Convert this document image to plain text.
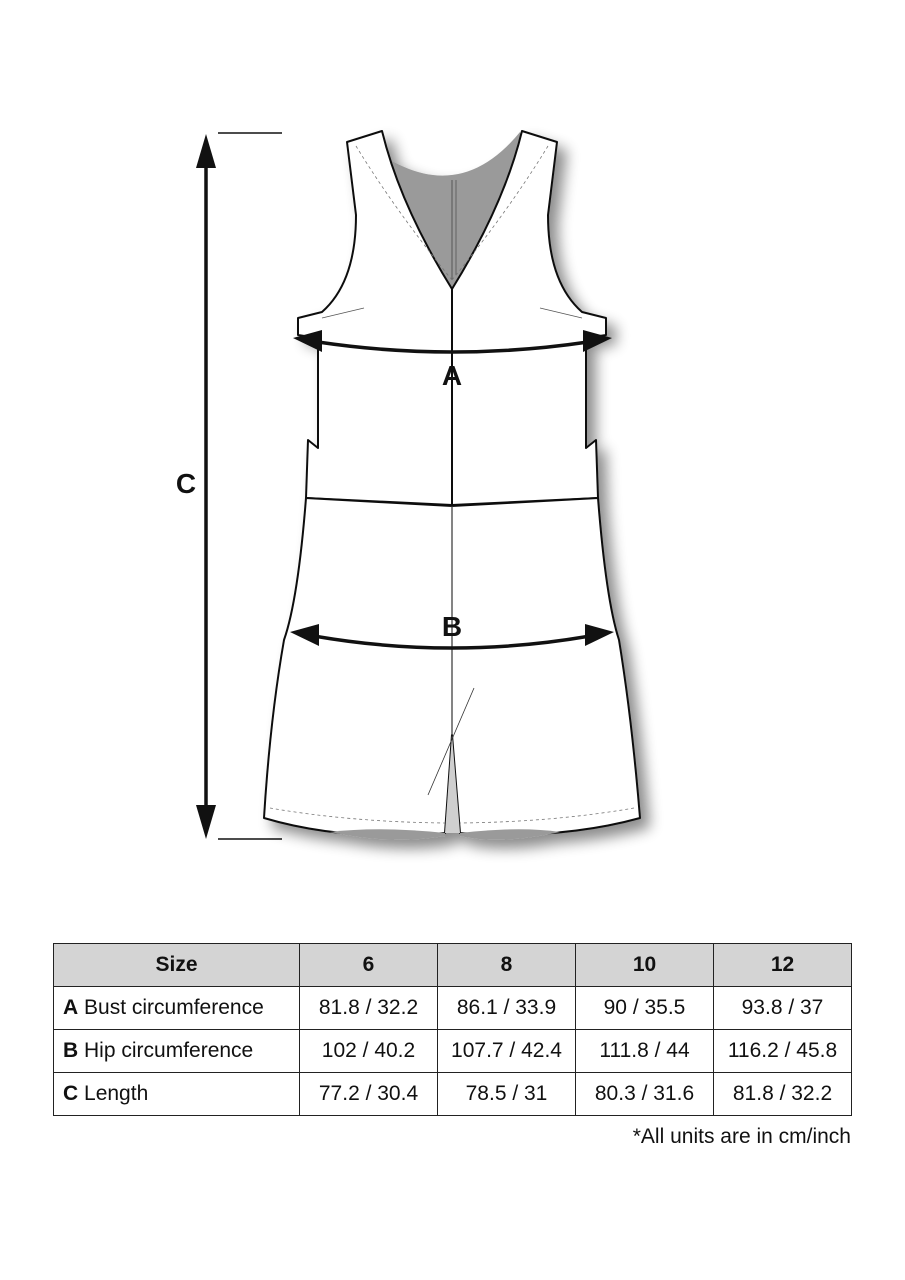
C
A
B
Size	6	8	10	12
A Bust circumference	81.8 / 32.2	86.1 / 33.9	90 / 35.5	93.8 / 37
B Hip circumference	102 / 40.2	107.7 / 42.4	111.8 / 44	116.2 / 45.8
C Length	77.2 / 30.4	78.5 / 31	80.3 / 31.6	81.8 / 32.2
*All units are in cm/inch
